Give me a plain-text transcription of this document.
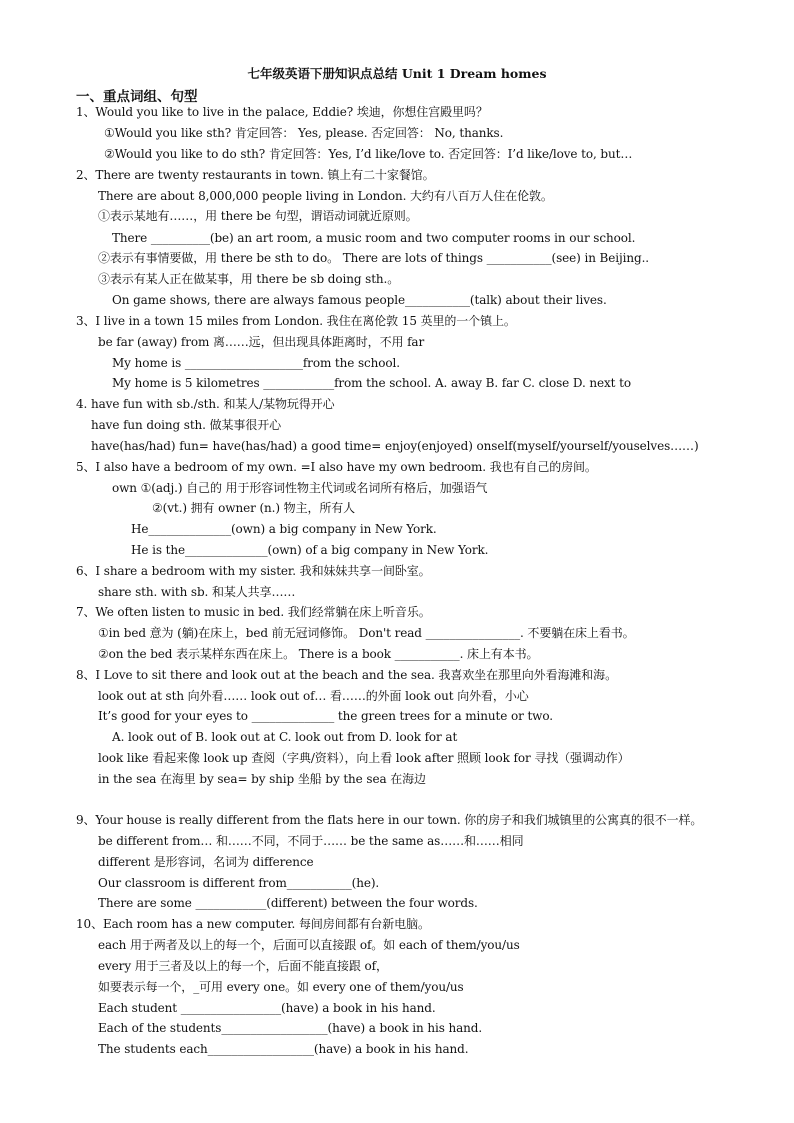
七年级英语下册知识点总结 Unit 1 Dream homes
一、重点词组、句型
1、Would you like to live in the palace, Eddie? 埃迪，你想住宫殿里吗？
①Would you like sth? 肯定回答： Yes, please. 否定回答： No, thanks.
②Would you like to do sth? 肯定回答：Yes, I’d like/love to. 否定回答：I’d like/love to, but…
2、There are twenty restaurants in town. 镇上有二十家餐馆。
There are about 8,000,000 people living in London. 大约有八百万人住在伦敦。
①表示某地有……，用 there be 句型，谓语动词就近原则。
There __________(be) an art room, a music room and two computer rooms in our school.
②表示有事情要做，用 there be sth to do。 There are lots of things ___________(see) in Beijing..
③表示有某人正在做某事，用 there be sb doing sth.。
On game shows, there are always famous people___________(talk) about their lives.
3、I live in a town 15 miles from London. 我住在离伦敦 15 英里的一个镇上。
be far (away) from 离……远，但出现具体距离时，不用 far
My home is ____________________from the school.
My home is 5 kilometres ____________from the school. A. away B. far C. close D. next to
4. have fun with sb./sth. 和某人/某物玩得开心
have fun doing sth. 做某事很开心
have(has/had) fun= have(has/had) a good time= enjoy(enjoyed) onself(myself/yourself/youselves……)
5、I also have a bedroom of my own. =I also have my own bedroom. 我也有自己的房间。
own ①(adj.) 自己的 用于形容词性物主代词或名词所有格后，加强语气
②(vt.) 拥有 owner (n.) 物主，所有人
He______________(own) a big company in New York.
He is the______________(own) of a big company in New York.
6、I share a bedroom with my sister. 我和妹妹共享一间卧室。
share sth. with sb. 和某人共享……
7、We often listen to music in bed. 我们经常躺在床上听音乐。
①in bed 意为 (躺)在床上，bed 前无冠词修饰。 Don't read ________________. 不要躺在床上看书。
②on the bed 表示某样东西在床上。 There is a book ___________. 床上有本书。
8、I Love to sit there and look out at the beach and the sea. 我喜欢坐在那里向外看海滩和海。
look out at sth 向外看…… look out of… 看……的外面 look out 向外看，小心
It’s good for your eyes to ______________ the green trees for a minute or two.
A. look out of B. look out at C. look out from D. look for at
look like 看起来像 look up 查阅（字典/资料），向上看 look after 照顾 look for 寻找（强调动作）
in the sea 在海里 by sea= by ship 坐船 by the sea 在海边
9、Your house is really different from the flats here in our town. 你的房子和我们城镇里的公寓真的很不一样。
be different from… 和……不同，不同于…… be the same as……和……相同
different 是形容词，名词为 difference
Our classroom is different from___________(he).
There are some ____________(different) between the four words.
10、Each room has a new computer. 每间房间都有台新电脑。
each 用于两者及以上的每一个，后面可以直接跟 of。如 each of them/you/us
every 用于三者及以上的每一个，后面不能直接跟 of，
如要表示每一个，_可用 every one。如 every one of them/you/us
Each student _________________(have) a book in his hand.
Each of the students__________________(have) a book in his hand.
The students each__________________(have) a book in his hand.
